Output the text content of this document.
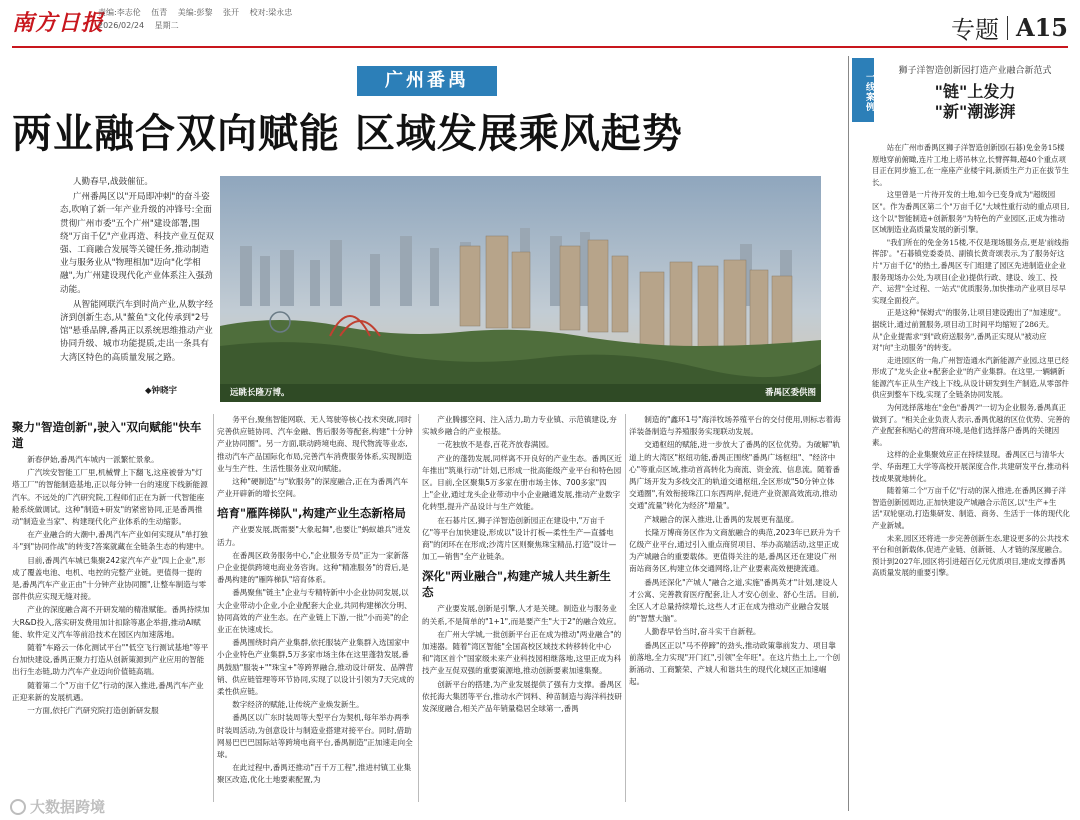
南方日报
责编:李志伦 伍青 美编:彭黎 张开 校对:梁永忠
2026/02/24 星期二	专题 A15
广州番禺
两业融合双向赋能 区域发展乘风起势

人勤春早,战鼓催征。

广州番禺区以"开局即冲刺"的奋斗姿态,吹响了新一年产业升级的冲锋号:全面贯彻广州市委"五个广州"建设部署,围绕"万亩千亿"产业再造、科技产业互促双强、工商融合发展等关键任务,推动制造业与服务业从"物理相加"迈向"化学相融",为广州建设现代化产业体系注入强劲动能。

从智能网联汽车到时尚产业,从数字经济到创新生态,从"鳌鱼"文化传承到"2号馆"悬垂品牌,番禺正以系统思维推动产业协同升级、城市功能提质,走出一条具有大湾区特色的高质量发展之路。

◆钟晓宇	远眺长隆万博。	番禺区委供图
聚力"智造创新",驶入"双向赋能"快车道

新春伊始,番禺汽车城内一派繁忙景象。

广汽埃安智能工厂里,机械臂上下翻飞,这座被誉为"灯塔工厂"的智能制造基地,正以每分钟一台的速度下线新能源汽车。不远处的广汽研究院,工程师们正在为新一代智能座舱系统做调试。这种"制造+研发"的紧密协同,正是番禺推动"制造业当家"、构建现代化产业体系的生动缩影。

在产业融合的大潮中,番禺汽车产业如何实现从"单打独斗"到"协同作战"的转变?答案就藏在全链条生态的构建中。

目前,番禺汽车城已集聚242家汽车产业"四上企业",形成了覆盖电池、电机、电控的完整产业链。更值得一提的是,番禺汽车产业正由"十分钟产业协同圈",让整车制造与零部件供应实现无缝对接。

产业的深度融合离不开研发端的精准赋能。番禺持续加大R&D投入,落实研发费用加计扣除等惠企举措,推动AI赋能、软件定义汽车等前沿技术在园区内加速落地。

随着"车路云一体化测试平台""低空飞行测试基地"等平台加快建设,番禺正聚力打造从创新策源到产业应用的智能出行生态链,助力汽车产业迈向价值链高端。

随着第二个"万亩千亿"行动的深入推进,番禺汽车产业正迎来新的发展机遇。

一方面,依托广汽研究院打造创新研发服

务平台,聚焦智能网联、无人驾驶等核心技术突破,同时完善供应链协同、汽车金融、售后服务等配套,构建"十分钟产业协同圈"。另一方面,联动跨境电商、现代物流等业态,推动汽车产品国际化布局,完善汽车消费服务体系,实现制造业与生产性、生活性服务业双向赋能。

这种"硬制造"与"软服务"的深度融合,正在为番禺汽车产业开辟新的增长空间。

培育"雁阵梯队",构建产业生态新格局

产业要发展,既需要"大象起舞",也要让"蚂蚁雄兵"迸发活力。

在番禺区政务服务中心,"企业服务专员"正为一家新落户企业提供跨境电商业务咨询。这种"精准服务"的背后,是番禺构建的"雁阵梯队"培育体系。

番禺聚焦"链主"企业与专精特新中小企业协同发展,以大企业带动小企业,小企业配套大企业,共同构建梯次分明、协同高效的产业生态。在产业链上下游,一批"小而美"的企业正在快速成长。

番禺围绕时尚产业集群,依托服装产业集群入选国家中小企业特色产业集群,5万多家市场主体在这里蓬勃发展,番禺鼓励"服装+""珠宝+"等跨界融合,推动设计研发、品牌营销、供应链管理等环节协同,实现了以设计引领为7天完成的柔性供应链。

数字经济的赋能,让传统产业焕发新生。

番禺区以广东时装周等大型平台为契机,每年举办两季时装周活动,为创意设计与制造业搭建对接平台。同时,借助网易巴巴巴国际站等跨境电商平台,番禺制造"正加速走向全球。

在此过程中,番禺还推动"百千万工程",推进村镇工业集聚区改造,优化土地要素配置,为

产业腾挪空间、注入活力,助力专业镇、示范镇建设,夯实城乡融合的产业根基。

一花独放不是春,百花齐放春满园。

产业的蓬勃发展,同样离不开良好的产业生态。番禺区近年推出"筑巢行动"计划,已形成一批高能级产业平台和特色园区。目前,全区聚集5万多家在册市场主体、700多家"四上"企业,通过龙头企业带动中小企业融通发展,推动产业数字化转型,提升产品设计与生产效能。

在石碁片区,狮子洋智造创新园正在建设中,"万亩千亿"等平台加快建设,形成以"设计打板—柔性生产—直播电商"的闭环在在形成;沙湾片区则聚焦珠宝精品,打造"设计—加工—销售"全产业链条。

深化"两业融合",构建产城人共生新生态

产业要发展,创新是引擎,人才是关键。制造业与服务业的关系,不是简单的"1+1",而是要产生"大于2"的融合效应。

在广州大学城,一批创新平台正在成为推动"两业融合"的加速器。随着"湾区智能"全国高校区域技术转移转化中心和"湾区首个"国家级未来产业科技园相继落地,这里正成为科技产业互促双强的重要策源地,推动创新要素加速集聚。

创新平台的搭建,为产业发展提供了强有力支撑。番禺区依托海大集团等平台,推动水产饲料、种苗制造与海洋科技研发深度融合,相关产品年销量稳居全球第一,番禺

制造的"鑫环1号"海洋牧场养殖平台的交付使用,则标志着海洋装备制造与养殖服务实现联动发展。

交通枢纽的赋能,进一步放大了番禺的区位优势。为破解"轨道上的大湾区"枢纽功能,番禺正围绕"番禺广场枢纽"、"经济中心"等重点区域,推动首高转化为商流、资金流、信息流。随着番禺广场开发为多线交汇的轨道交通枢纽,全区形成"50分钟立体交通圈",有效衔接珠江口东西两岸,促进产业资源高效流动,推动交通"流量"转化为经济"增量"。

产城融合的深入推进,让番禺的发展更有温度。

长隆万博商务区作为文商旅融合的典范,2023年已跃升为千亿级产业平台,通过引入重点商贸项目、举办高端活动,这里正成为产城融合的重要载体。更值得关注的是,番禺区还在建设广州南站商务区,构建立体交通网络,让产业要素高效便捷流通。

番禺还深化"产城人"融合之道,实施"番禺英才"计划,建设人才公寓、完善教育医疗配套,让人才安心创业、舒心生活。目前,全区人才总量持续增长,这些人才正在成为推动产业融合发展的"智慧大脑"。

人勤春早恰当时,奋斗实干自新程。

番禺区正以"马不停蹄"的劲头,推动政策靠前发力、项目靠前落地,全力实现"开门红",引领"全年旺"。在这片热土上,一个创新涌动、工商繁荣、产城人和谐共生的现代化城区正加速崛起。

一线案例
狮子洋智造创新园打造产业融合新范式
"链"上发力
"新"潮澎湃

站在广州市番禺区狮子洋智造创新园(石碁)免金务15楼原地穿前俯瞰,连片工地上塔吊林立,长臂挥舞,超40个重点项目正在同步施工,在一座座产业楼宇间,新质生产力正在拔节生长。

这里曾是一片待开发的土地,如今已变身成为"超级园区"。作为番禺区第二个"万亩千亿"大域性重行动的重点项目,这个以"智能制造+创新服务"为特色的产业园区,正成为推动区域制造业高质量发展的新引擎。

"我们所在的免金务15楼,不仅是现场服务点,更是'前线指挥部'。"石碁镇党委委员、副镇长黄奇颂表示,为了服务好这片"万亩千亿"的热土,番禺区专门组建了园区先进制造业企业服务现场办公处,为项目(企业)提供行政、建设、竣工、投产、运营"全过程、一站式"优质服务,加快推动产业项目尽早实现全面投产。

正是这种"保姆式"的服务,让项目建设跑出了"加速度"。据统计,通过前置服务,项目动工时间平均缩短了286天。从"企业提需求"到"政府送服务",番禺正实现从"被动应对"向"主动服务"的转变。

走进园区的一角,广州智造通水汽新能源产业园,这里已经形成了"龙头企业+配套企业"的产业集群。在这里,一辆辆新能源汽车正从生产线上下线,从设计研发到生产制造,从零部件供应到整车下线,实现了全链条协同发展。

为何选择落地在"金色"番禺?"一切为企业服务,番禺真正做到了。"相关企业负责人表示,番禺优越的区位优势、完善的产业配套和贴心的营商环境,是他们选择落户番禺的关键因素。

这样的企业集聚效应正在持续显现。番禺区已与清华大学、华南理工大学等高校开展深度合作,共建研发平台,推动科技成果就地转化。

随着第二个"万亩千亿"行动的深入推进,在番禺区狮子洋智造创新园周边,正加快建设产城融合示范区,以"生产+生活"双轮驱动,打造集研发、制造、商务、生活于一体的现代化产业新城。

未来,园区还将进一步完善创新生态,建设更多的公共技术平台和创新载体,促进产业链、创新链、人才链的深度融合。预计到2027年,园区将引进超百亿元优质项目,建成支撑番禺高质量发展的重要引擎。

大数据跨境
